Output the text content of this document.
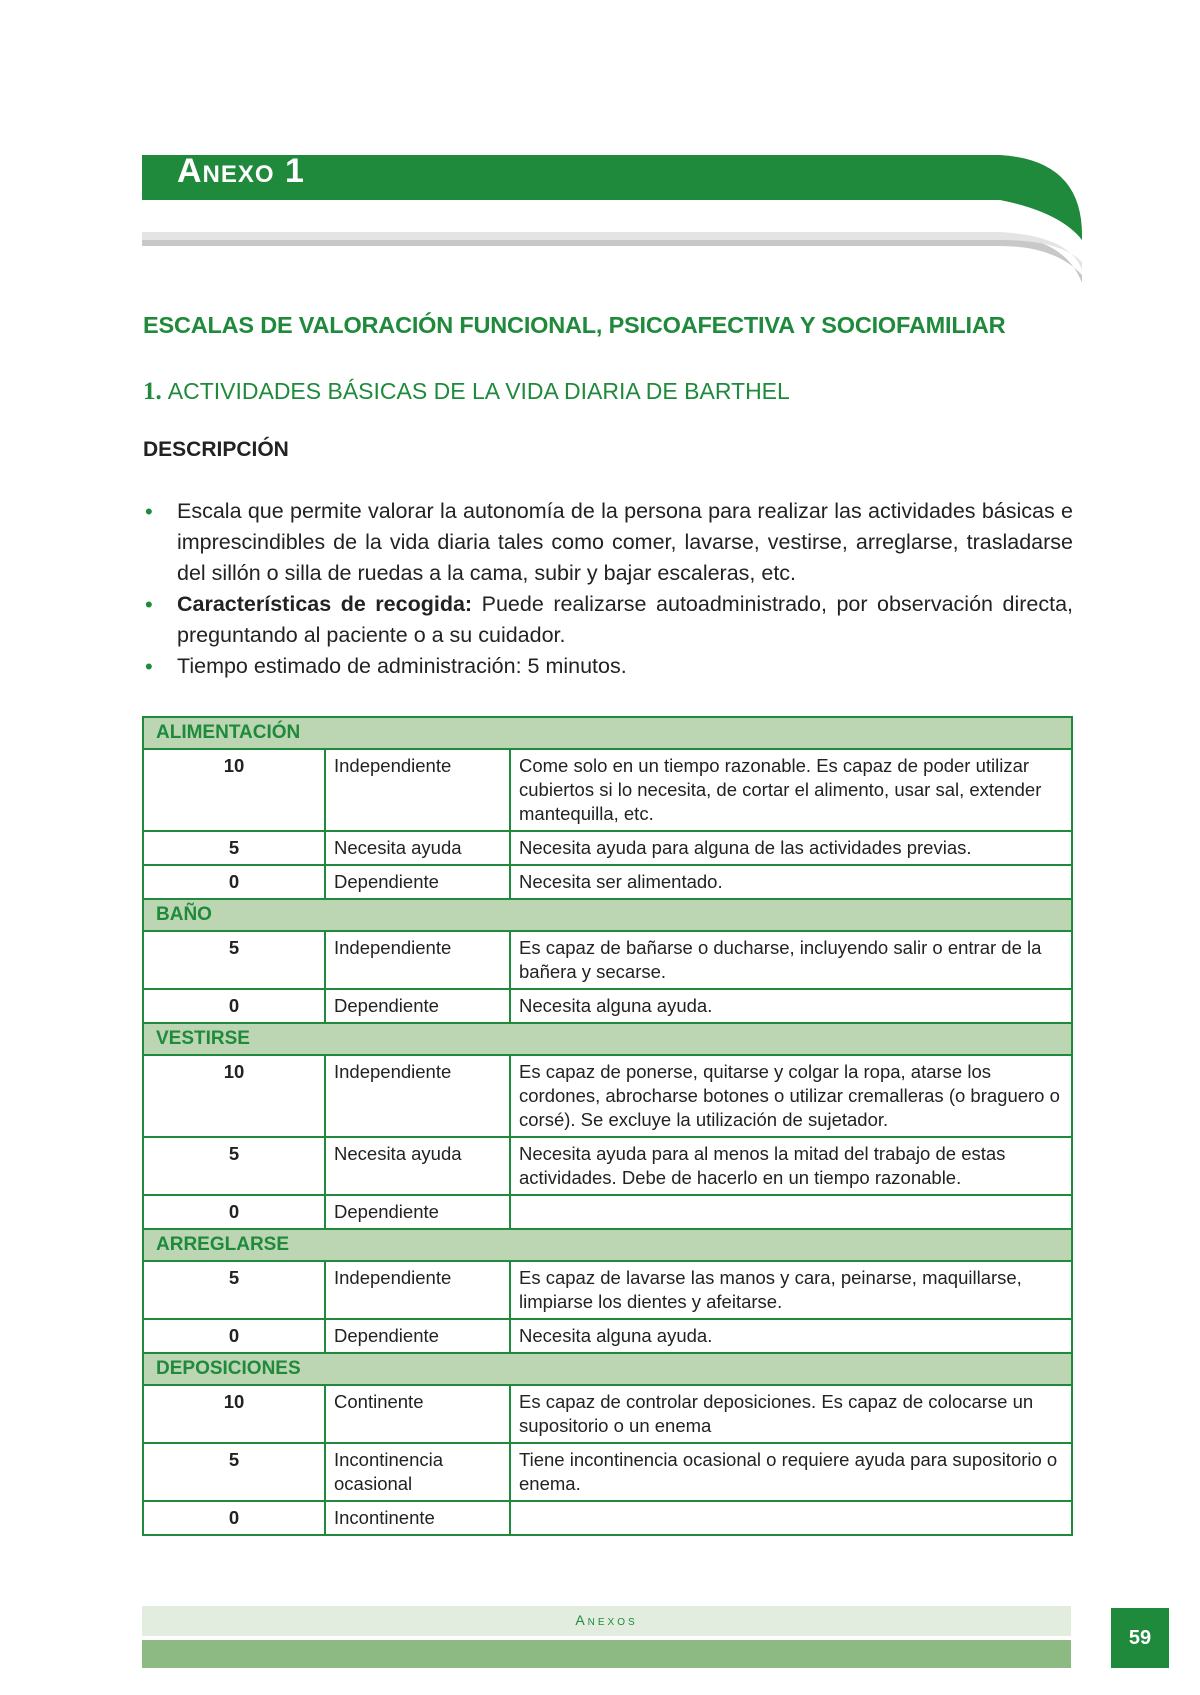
Anexo 1
ESCALAS DE VALORACIÓN FUNCIONAL, PSICOAFECTIVA Y SOCIOFAMILIAR
1. ACTIVIDADES BÁSICAS DE LA VIDA DIARIA DE BARTHEL
DESCRIPCIÓN
• Escala que permite valorar la autonomía de la persona para realizar las actividades básicas e imprescindibles de la vida diaria tales como comer, lavarse, vestirse, arreglarse, trasladarse del sillón o silla de ruedas a la cama, subir y bajar escaleras, etc.
• Características de recogida: Puede realizarse autoadministrado, por observación directa, preguntando al paciente o a su cuidador.
• Tiempo estimado de administración: 5 minutos.
ALIMENTACIÓN		
10	Independiente	Come solo en un tiempo razonable. Es capaz de poder utilizar cubiertos si lo necesita, de cortar el alimento, usar sal, extender mantequilla, etc.
5	Necesita ayuda	Necesita ayuda para alguna de las actividades previas.
0	Dependiente	Necesita ser alimentado.
BAÑO		
5	Independiente	Es capaz de bañarse o ducharse, incluyendo salir o entrar de la bañera y secarse.
0	Dependiente	Necesita alguna ayuda.
VESTIRSE		
10	Independiente	Es capaz de ponerse, quitarse y colgar la ropa, atarse los cordones, abrocharse botones o utilizar cremalleras (o braguero o corsé). Se excluye la utilización de sujetador.
5	Necesita ayuda	Necesita ayuda para al menos la mitad del trabajo de estas actividades. Debe de hacerlo en un tiempo razonable.
0	Dependiente	
ARREGLARSE		
5	Independiente	Es capaz de lavarse las manos y cara, peinarse, maquillarse, limpiarse los dientes y afeitarse.
0	Dependiente	Necesita alguna ayuda.
DEPOSICIONES		
10	Continente	Es capaz de controlar deposiciones. Es capaz de colocarse un supositorio o un enema
5	Incontinencia ocasional	Tiene incontinencia ocasional o requiere ayuda para supositorio o enema.
0	Incontinente	
Anexos
59
